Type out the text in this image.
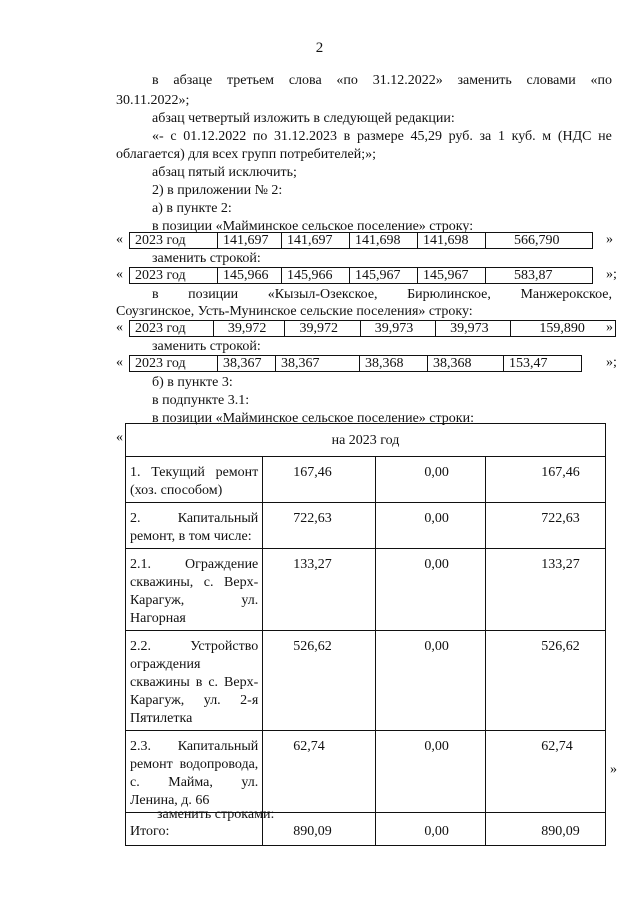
2
в абзаце третьем слова «по 31.12.2022» заменить словами «по
30.11.2022»;
абзац четвертый изложить в следующей редакции:
«- с 01.12.2022 по 31.12.2023 в размере 45,29 руб. за 1 куб. м (НДС не
облагается) для всех групп потребителей;»;
абзац пятый исключить;
2) в приложении № 2:
а) в пункте 2:
в позиции «Майминское сельское поселение» строку:
« 2023 год	141,697	141,697	141,698	141,698	566,790	»
заменить строкой:
« 2023 год	145,966	145,966	145,967	145,967	583,87	»;
в позиции «Кызыл-Озекское, Бирюлинское, Манжерокское,
Соузгинское, Усть-Мунинское сельские поселения» строку:
« 2023 год	39,972	39,972	39,973	39,973	159,890 »
заменить строкой:
« 2023 год	38,367	38,367	38,368	38,368	153,47	»;
б) в пункте 3:
в подпункте 3.1:
в позиции «Майминское сельское поселение» строки:
«	на 2023 год			
1. Текущий ремонт (хоз. способом)	167,46	0,00	167,46
2. Капитальный ремонт, в том числе:	722,63	0,00	722,63
2.1. Ограждение скважины, с. Верх-Карагуж, ул. Нагорная	133,27	0,00	133,27
2.2. Устройство ограждения скважины в с. Верх-Карагуж, ул. 2-я Пятилетка	526,62	0,00	526,62
2.3. Капитальный ремонт водопровода, с. Майма, ул. Ленина, д. 66	62,74	0,00	62,74
Итого:	890,09	0,00	890,09
»
заменить строками:
